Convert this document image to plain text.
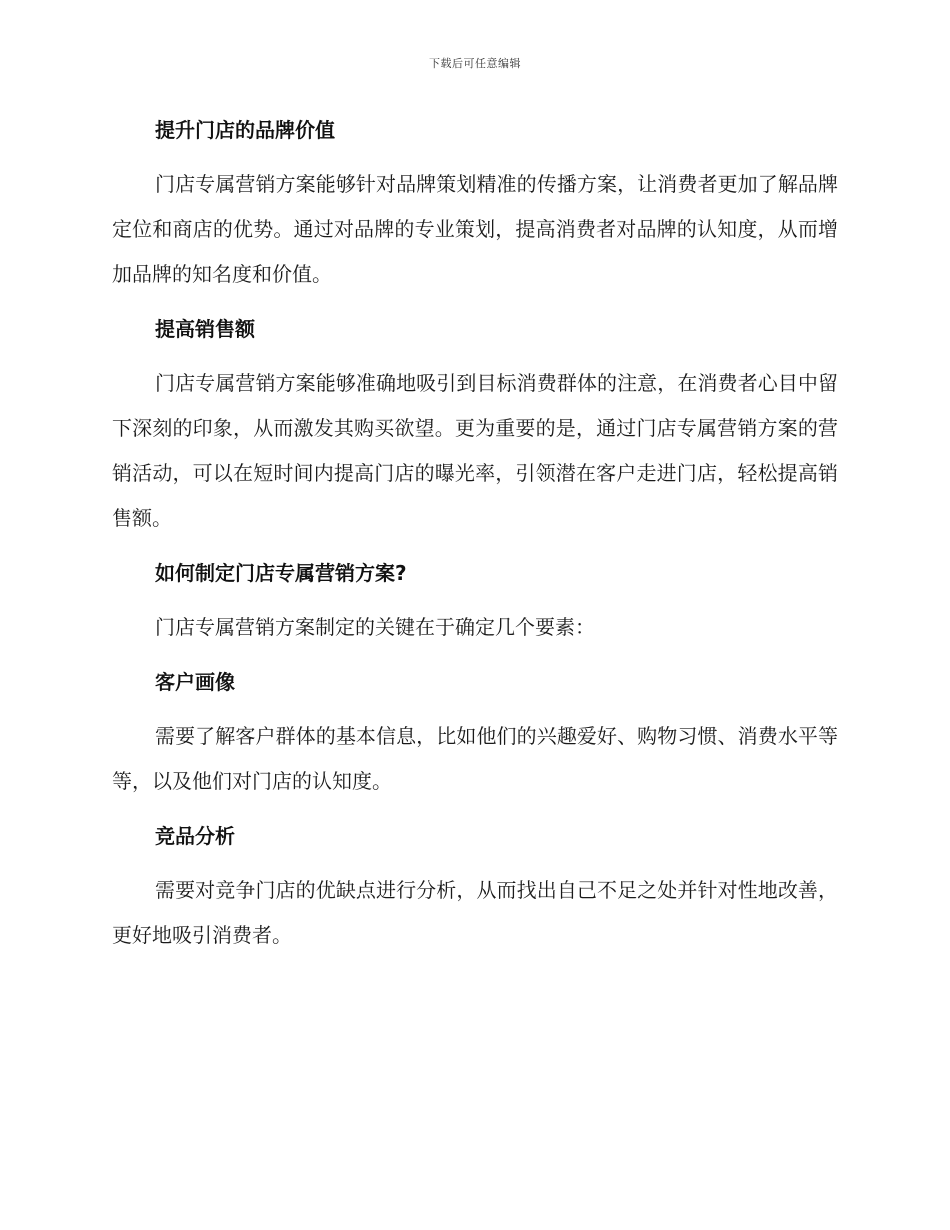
下载后可任意编辑
提升门店的品牌价值

门店专属营销方案能够针对品牌策划精准的传播方案，让消费者更加了解品牌定位和商店的优势。通过对品牌的专业策划，提高消费者对品牌的认知度，从而增加品牌的知名度和价值。

提高销售额

门店专属营销方案能够准确地吸引到目标消费群体的注意，在消费者心目中留下深刻的印象，从而激发其购买欲望。更为重要的是，通过门店专属营销方案的营销活动，可以在短时间内提高门店的曝光率，引领潜在客户走进门店，轻松提高销售额。

如何制定门店专属营销方案?

门店专属营销方案制定的关键在于确定几个要素：

客户画像

需要了解客户群体的基本信息，比如他们的兴趣爱好、购物习惯、消费水平等等，以及他们对门店的认知度。

竞品分析

需要对竞争门店的优缺点进行分析，从而找出自己不足之处并针对性地改善，更好地吸引消费者。
